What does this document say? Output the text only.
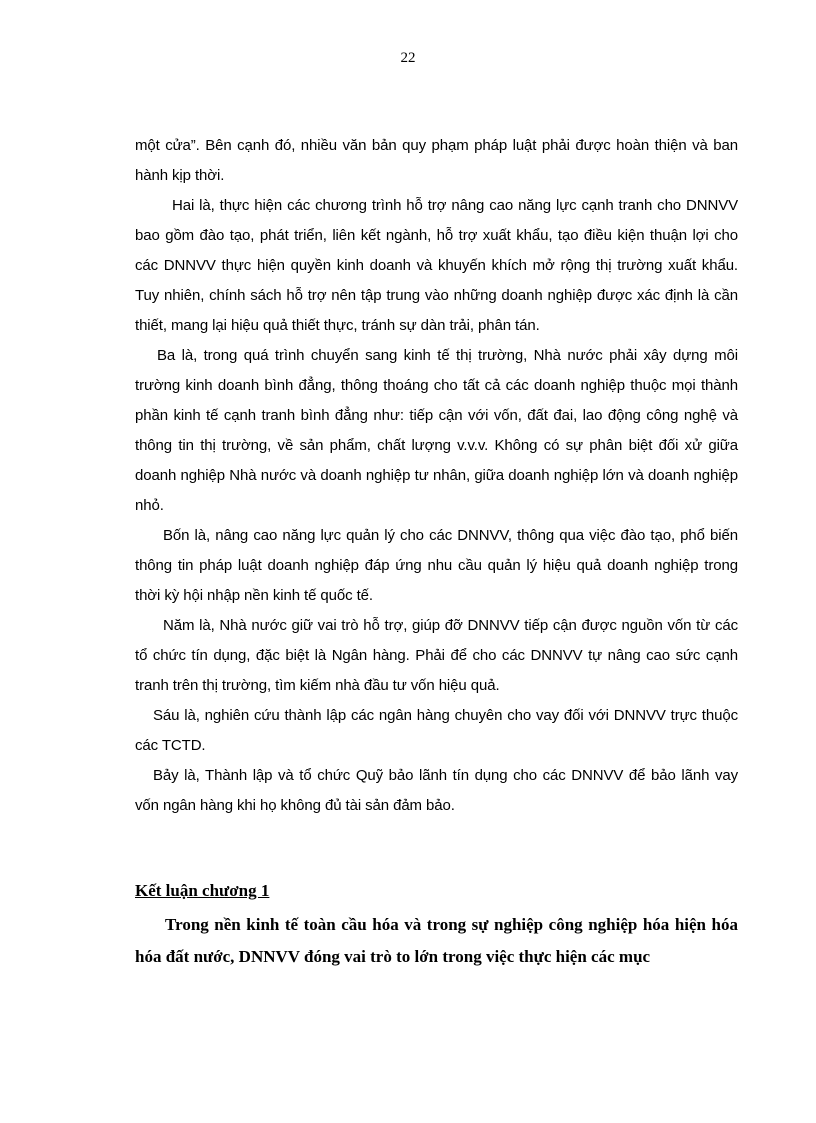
22

một cửa”. Bên cạnh đó, nhiều văn bản quy phạm pháp luật phải được hoàn thiện và ban hành kịp thời.

Hai là, thực hiện các chương trình hỗ trợ nâng cao năng lực cạnh tranh cho DNNVV bao gồm đào tạo, phát triển, liên kết ngành, hỗ trợ xuất khẩu, tạo điều kiện thuận lợi cho các DNNVV thực hiện quyền kinh doanh và khuyến khích mở rộng thị trường xuất khẩu. Tuy nhiên, chính sách hỗ trợ nên tập trung vào những doanh nghiệp được xác định là cần thiết, mang lại hiệu quả thiết thực, tránh sự dàn trải, phân tán.

Ba là, trong quá trình chuyển sang kinh tế thị trường, Nhà nước phải xây dựng môi trường kinh doanh bình đẳng, thông thoáng cho tất cả các doanh nghiệp thuộc mọi thành phần kinh tế cạnh tranh bình đẳng như: tiếp cận với vốn, đất đai, lao động công nghệ và thông tin thị trường, về sản phẩm, chất lượng v.v.v. Không có sự phân biệt đối xử giữa doanh nghiệp Nhà nước và doanh nghiệp tư nhân, giữa doanh nghiệp lớn và doanh nghiệp nhỏ.

Bốn là, nâng cao năng lực quản lý cho các DNNVV, thông qua việc đào tạo, phổ biến thông tin pháp luật doanh nghiệp đáp ứng nhu cầu quản lý hiệu quả doanh nghiệp trong thời kỳ hội nhập nền kinh tế quốc tế.

Năm là, Nhà nước giữ vai trò hỗ trợ, giúp đỡ DNNVV tiếp cận được nguồn vốn từ các tổ chức tín dụng, đặc biệt là Ngân hàng. Phải để cho các DNNVV tự nâng cao sức cạnh tranh trên thị trường, tìm kiếm nhà đầu tư vốn hiệu quả.

Sáu là, nghiên cứu thành lập các ngân hàng chuyên cho vay đối với DNNVV trực thuộc các TCTD.

Bảy là, Thành lập và tổ chức Quỹ bảo lãnh tín dụng cho các DNNVV để bảo lãnh vay vốn ngân hàng khi họ không đủ tài sản đảm bảo.

Kết luận chương 1

Trong nền kinh tế toàn cầu hóa và trong sự nghiệp công nghiệp hóa hiện hóa hóa đất nước, DNNVV đóng vai trò to lớn trong việc thực hiện các mục
